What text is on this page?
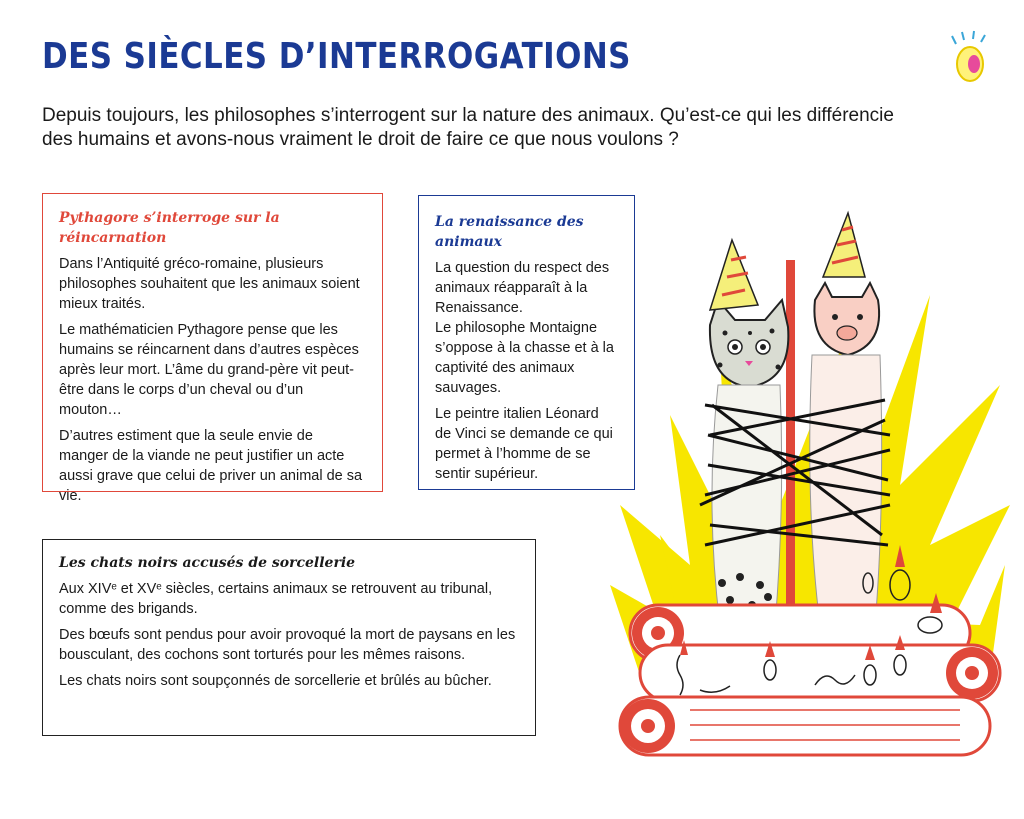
DES SIÈCLES D’INTERROGATIONS

Depuis toujours, les philosophes s’interrogent sur la nature des animaux. Qu’est-ce qui les différencie des humains et avons-nous vraiment le droit de faire ce que nous voulons ?

Pythagore s’interroge sur la réincarnation

Dans l’Antiquité gréco-romaine, plusieurs philosophes souhaitent que les animaux soient mieux traités.

Le mathématicien Pythagore pense que les humains se réincarnent dans d’autres espèces après leur mort. L’âme du grand-père vit peut-être dans le corps d’un cheval ou d’un mouton…

D’autres estiment que la seule envie de manger de la viande ne peut justifier un acte aussi grave que celui de priver un animal de sa vie.

La renaissance des animaux

La question du respect des animaux réapparaît à la Renaissance.

Le philosophe Montaigne s’oppose à la chasse et à la captivité des animaux sauvages.

Le peintre italien Léonard de Vinci se demande ce qui permet à l’homme de se sentir supérieur.

Les chats noirs accusés de sorcellerie

Aux XIVᵉ et XVᵉ siècles, certains animaux se retrouvent au tribunal, comme des brigands.

Des bœufs sont pendus pour avoir provoqué la mort de paysans en les bousculant, des cochons sont torturés pour les mêmes raisons.

Les chats noirs sont soupçonnés de sorcellerie et brûlés au bûcher.
